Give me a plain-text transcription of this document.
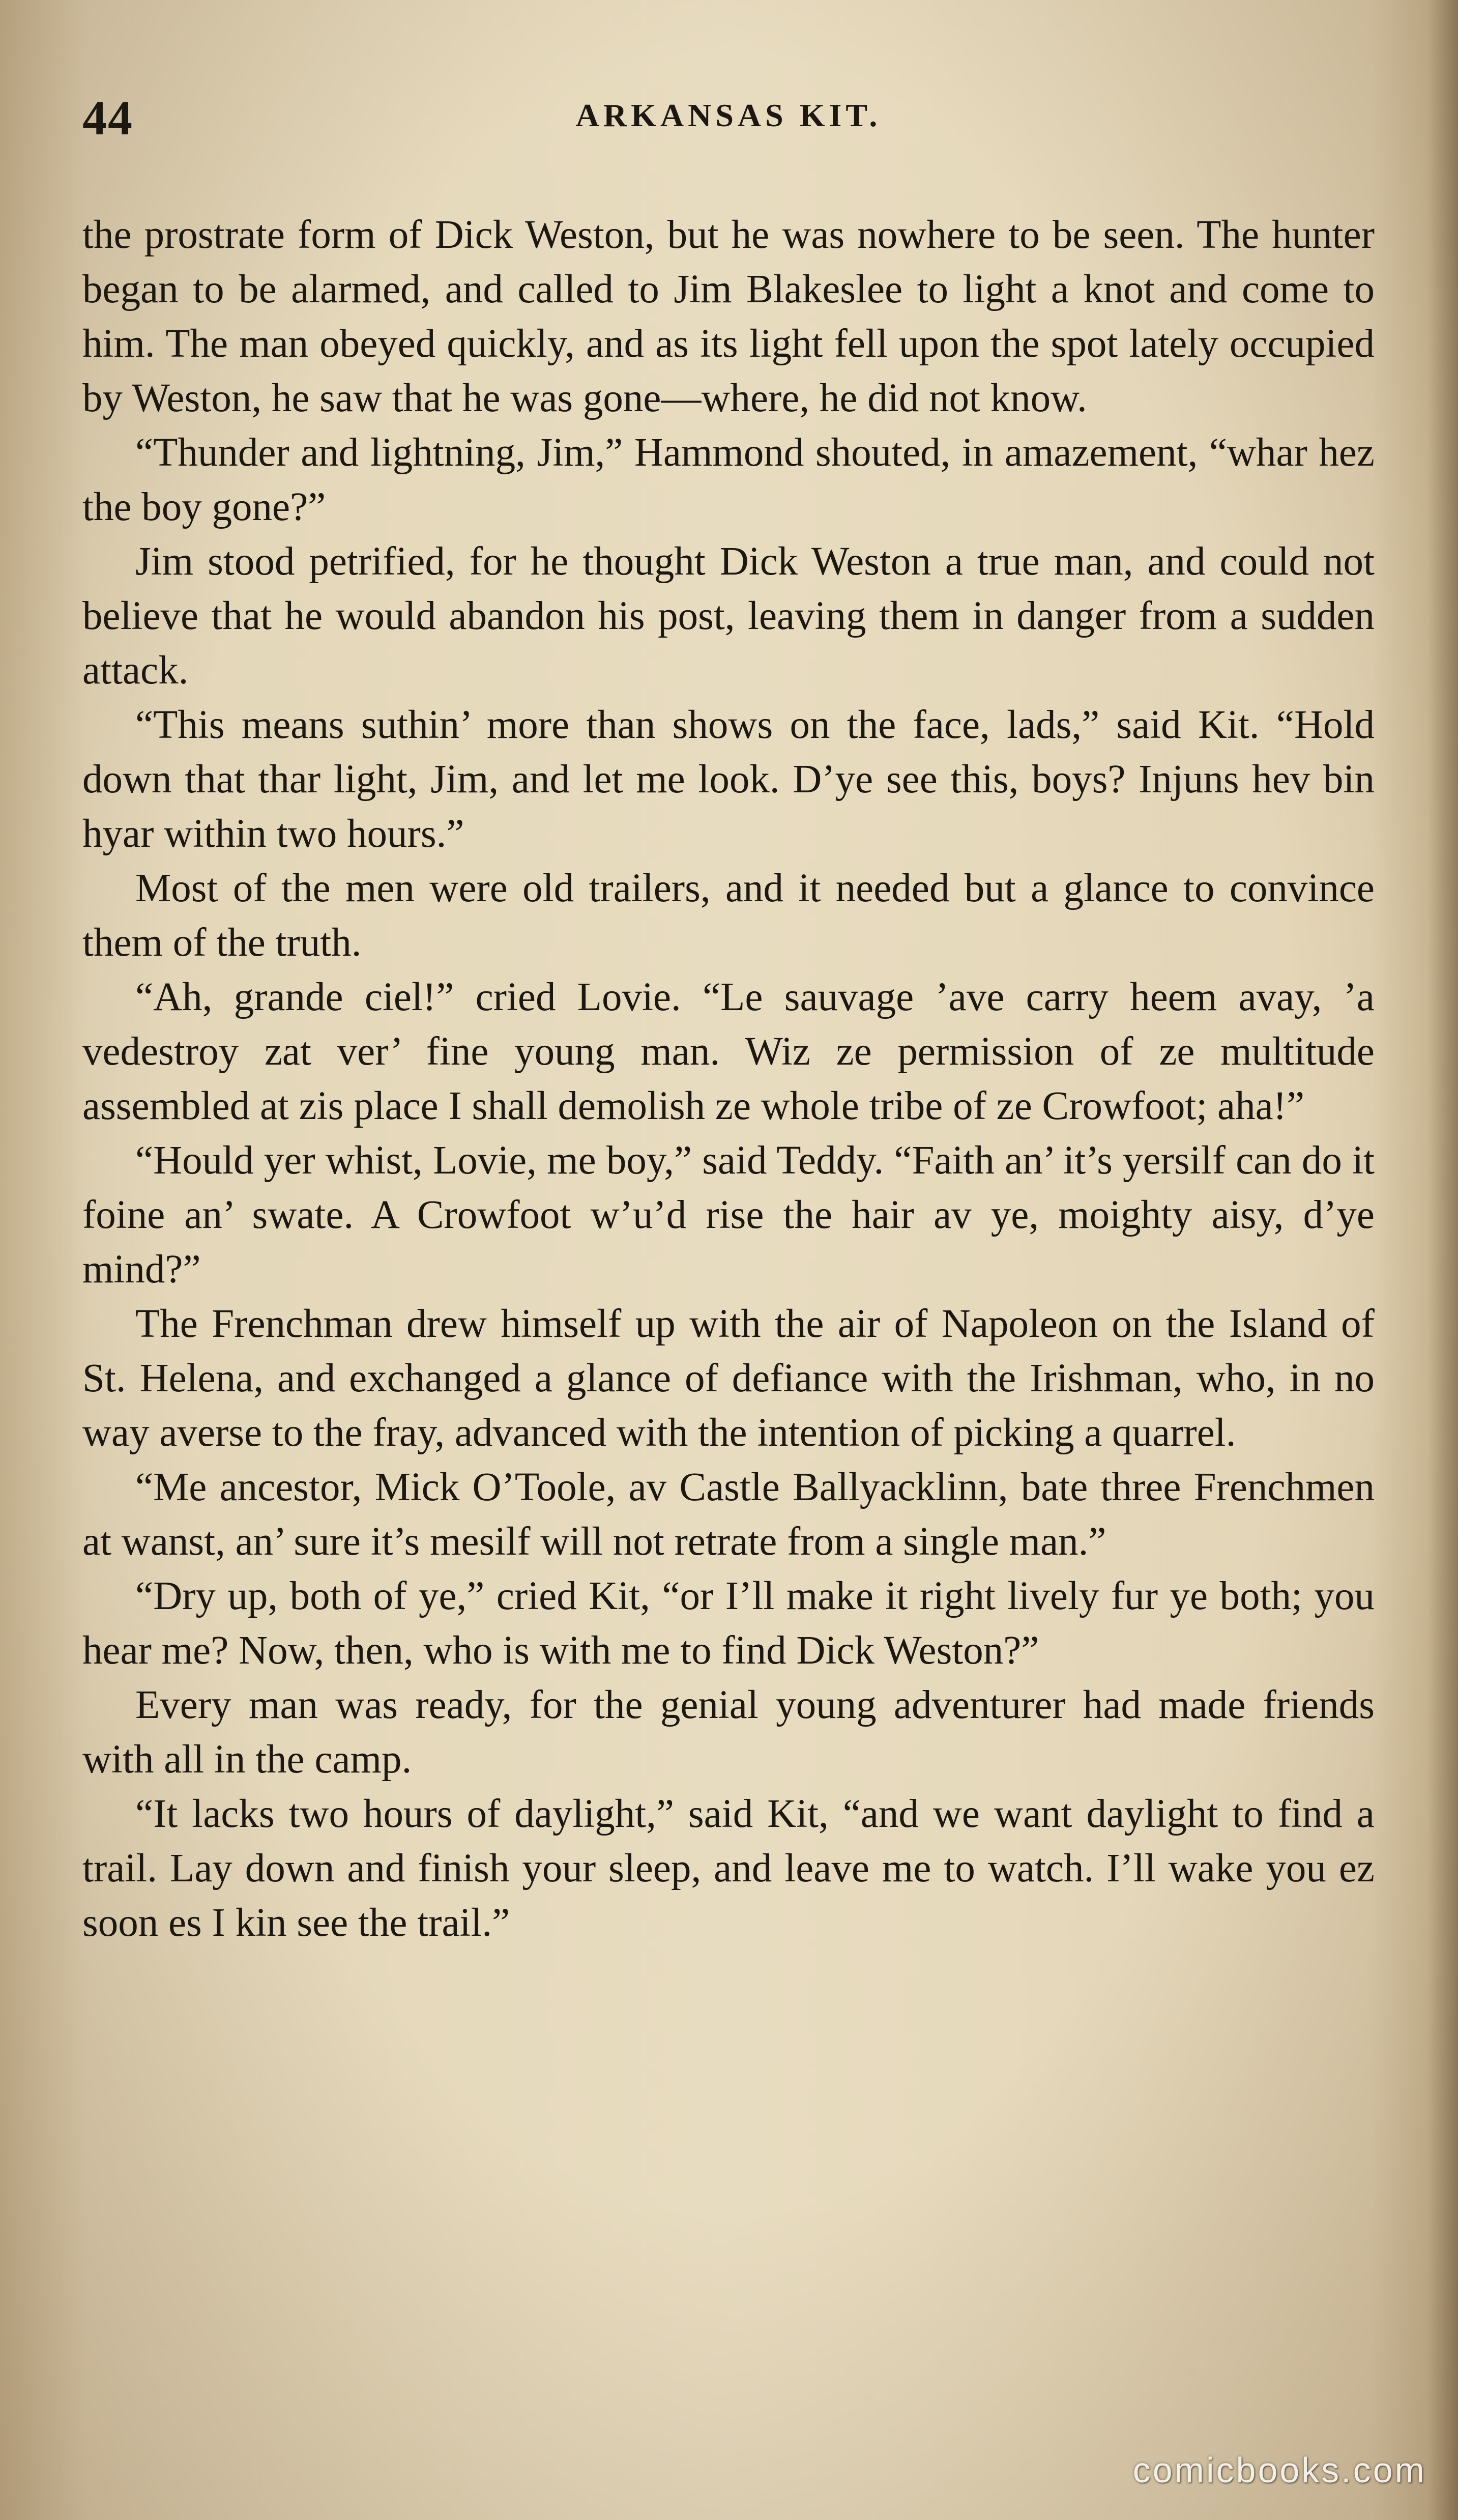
44	ARKANSAS KIT.

the prostrate form of Dick Weston, but he was nowhere to be seen. The hunter began to be alarmed, and called to Jim Blakeslee to light a knot and come to him. The man obeyed quickly, and as its light fell upon the spot lately occupied by Weston, he saw that he was gone—where, he did not know.

“Thunder and lightning, Jim,” Hammond shouted, in amazement, “whar hez the boy gone?”

Jim stood petrified, for he thought Dick Weston a true man, and could not believe that he would abandon his post, leaving them in danger from a sudden attack.

“This means suthin’ more than shows on the face, lads,” said Kit. “Hold down that thar light, Jim, and let me look. D’ye see this, boys? Injuns hev bin hyar within two hours.”

Most of the men were old trailers, and it needed but a glance to convince them of the truth.

“Ah, grande ciel!” cried Lovie. “Le sauvage ’ave carry heem avay, ’a vedestroy zat ver’ fine young man. Wiz ze permission of ze multitude assembled at zis place I shall demolish ze whole tribe of ze Crowfoot; aha!”

“Hould yer whist, Lovie, me boy,” said Teddy. “Faith an’ it’s yersilf can do it foine an’ swate. A Crowfoot w’u’d rise the hair av ye, moighty aisy, d’ye mind?”

The Frenchman drew himself up with the air of Napoleon on the Island of St. Helena, and exchanged a glance of defiance with the Irishman, who, in no way averse to the fray, advanced with the intention of picking a quarrel.

“Me ancestor, Mick O’Toole, av Castle Ballyacklinn, bate three Frenchmen at wanst, an’ sure it’s mesilf will not retrate from a single man.”

“Dry up, both of ye,” cried Kit, “or I’ll make it right lively fur ye both; you hear me? Now, then, who is with me to find Dick Weston?”

Every man was ready, for the genial young adventurer had made friends with all in the camp.

“It lacks two hours of daylight,” said Kit, “and we want daylight to find a trail. Lay down and finish your sleep, and leave me to watch. I’ll wake you ez soon es I kin see the trail.”

comicbooks.com
